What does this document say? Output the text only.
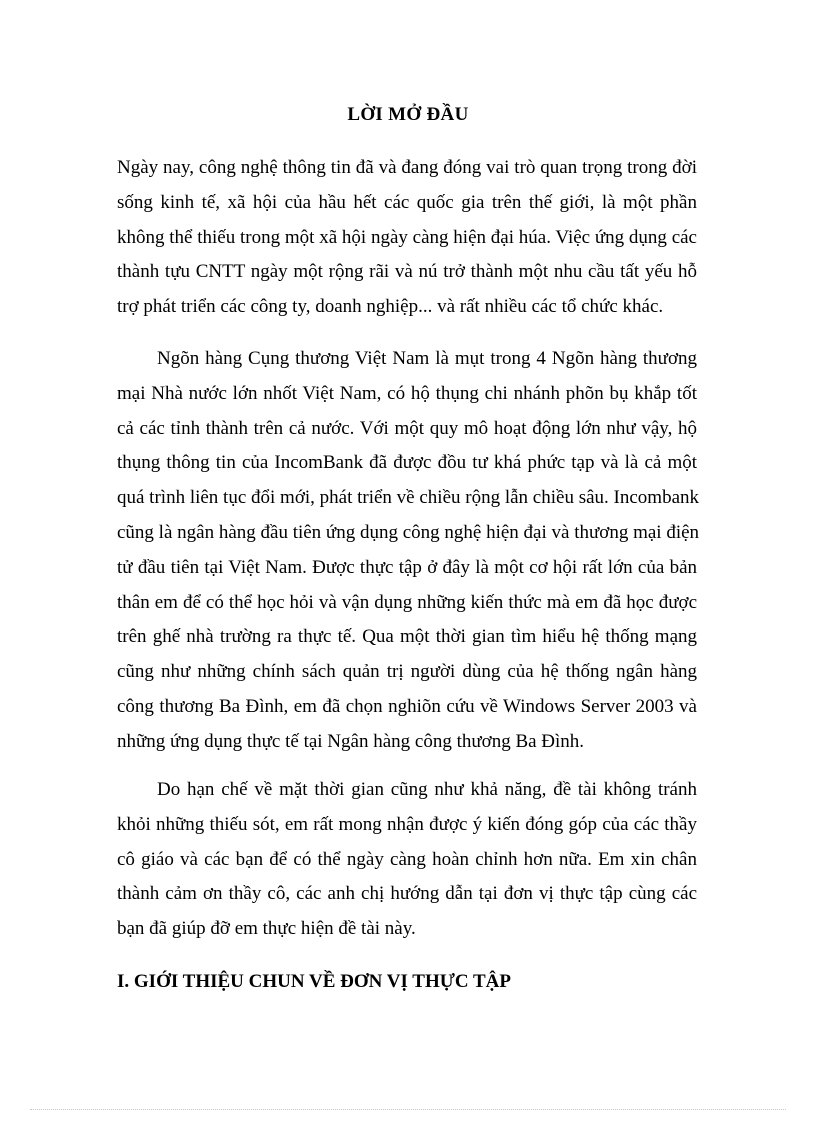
LỜI MỞ ĐẦU
Ngày nay, công nghệ thông tin đã và đang đóng vai trò quan trọng trong đời
sống kinh tế, xã hội của hầu hết các quốc gia trên thế giới, là một phần
không thể thiếu trong một xã hội ngày càng hiện đại húa. Việc ứng dụng các
thành tựu CNTT ngày một rộng rãi và nú trở thành một nhu cầu tất yếu hỗ
trợ phát triển các công ty, doanh nghiệp... và rất nhiều các tổ chức khác.
Ngõn hàng Cụng thương Việt Nam là mụt trong 4 Ngõn hàng thương
mại Nhà nước lớn nhốt Việt Nam, có hộ thụng chi nhánh phõn bụ khắp tốt
cả các tỉnh thành trên cả nước. Với một quy mô hoạt động lớn như vậy, hộ
thụng thông tin của IncomBank đã được đồu tư khá phức tạp và là cả một
quá trình liên tục đổi mới, phát triển về chiều rộng lẫn chiều sâu. Incombank
cũng là ngân hàng đầu tiên ứng dụng công nghệ hiện đại và thương mại điện
tử đầu tiên tại Việt Nam. Được thực tập ở đây là một cơ hội rất lớn của bản
thân em để có thể học hỏi và vận dụng những kiến thức mà em đã học được
trên ghế nhà trường ra thực tế. Qua một thời gian tìm hiểu hệ thống mạng
cũng như những chính sách quản trị người dùng của hệ thống ngân hàng
công thương Ba Đình, em đã chọn nghiõn cứu về Windows Server 2003 và
những ứng dụng thực tế tại Ngân hàng công thương Ba Đình.
Do hạn chế về mặt thời gian cũng như khả năng, đề tài không tránh
khỏi những thiếu sót, em rất mong nhận được ý kiến đóng góp của các thầy
cô giáo và các bạn để có thể ngày càng hoàn chỉnh hơn nữa. Em xin chân
thành cảm ơn thầy cô, các anh chị hướng dẫn tại đơn vị thực tập cùng các
bạn đã giúp đỡ em thực hiện đề tài này.
I. GIỚI THIỆU CHUN VỀ ĐƠN VỊ THỰC TẬP
